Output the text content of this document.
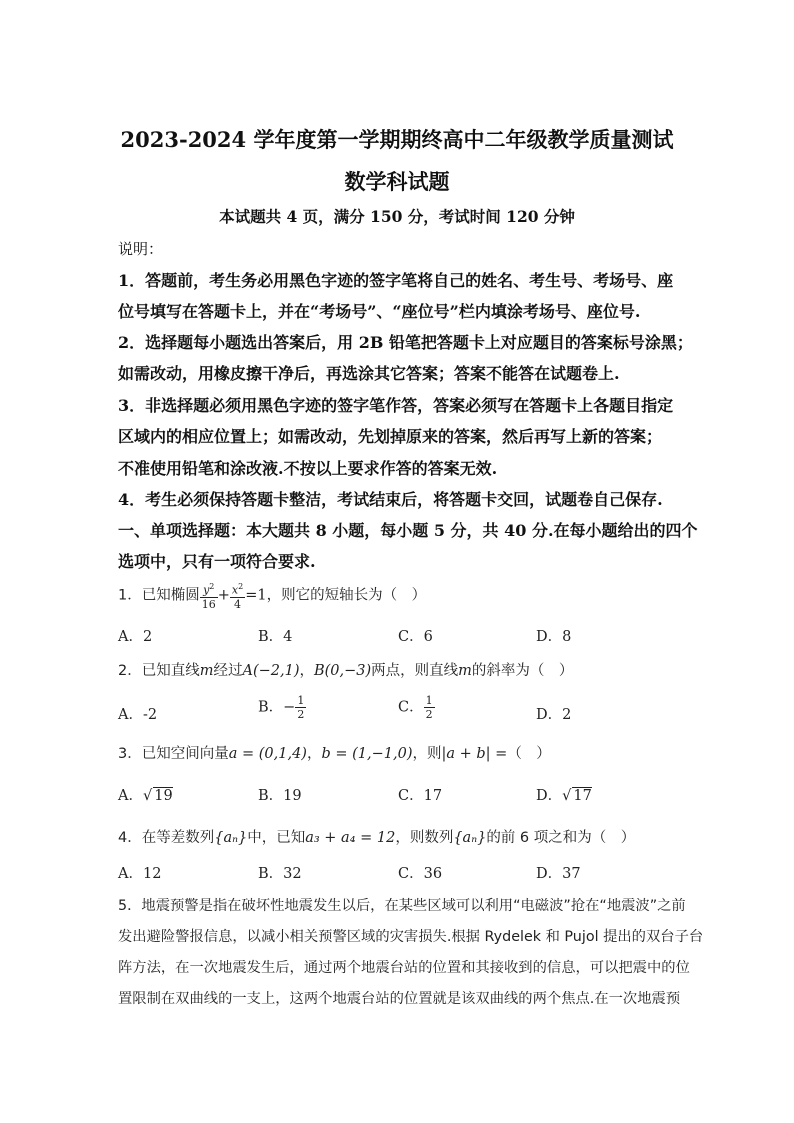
2023-2024 学年度第一学期期终高中二年级教学质量测试
数学科试题
本试题共 4 页，满分 150 分，考试时间 120 分钟
说明：
1．答题前，考生务必用黑色字迹的签字笔将自己的姓名、考生号、考场号、座
位号填写在答题卡上，并在“考场号”、“座位号”栏内填涂考场号、座位号.
2．选择题每小题选出答案后，用 2B 铅笔把答题卡上对应题目的答案标号涂黑；
如需改动，用橡皮擦干净后，再选涂其它答案；答案不能答在试题卷上.
3．非选择题必须用黑色字迹的签字笔作答，答案必须写在答题卡上各题目指定
区域内的相应位置上；如需改动，先划掉原来的答案，然后再写上新的答案；
不准使用铅笔和涂改液.不按以上要求作答的答案无效.
4．考生必须保持答题卡整洁，考试结束后，将答题卡交回，试题卷自己保存.
一、单项选择题：本大题共 8 小题，每小题 5 分，共 40 分.在每小题给出的四个
选项中，只有一项符合要求.
1．已知椭圆 $\frac{y^2}{16} + \frac{x^2}{4} =1$，则它的短轴长为（　）
A．2	B．4	C．6	D．8
2．已知直线m经过A(−2,1)，B(0,−3)两点，则直线m的斜率为（　）
A．-2	B．− $\frac{1}{2}$	C． $\frac{1}{2}$	D．2
3．已知空间向量a = (0,1,4)，b = (1,−1,0)，则|a + b| =（　）
A．√ 19	B．19	C．17	D．√ 17
4．在等差数列{aₙ}中，已知a₃ + a₄ = 12，则数列{aₙ}的前 6 项之和为（　）
A．12	B．32	C．36	D．37
5．地震预警是指在破坏性地震发生以后，在某些区域可以利用“电磁波”抢在“地震波”之前
发出避险警报信息，以减小相关预警区域的灾害损失.根据 Rydelek 和 Pujol 提出的双台子台
阵方法，在一次地震发生后，通过两个地震台站的位置和其接收到的信息，可以把震中的位
置限制在双曲线的一支上，这两个地震台站的位置就是该双曲线的两个焦点.在一次地震预
